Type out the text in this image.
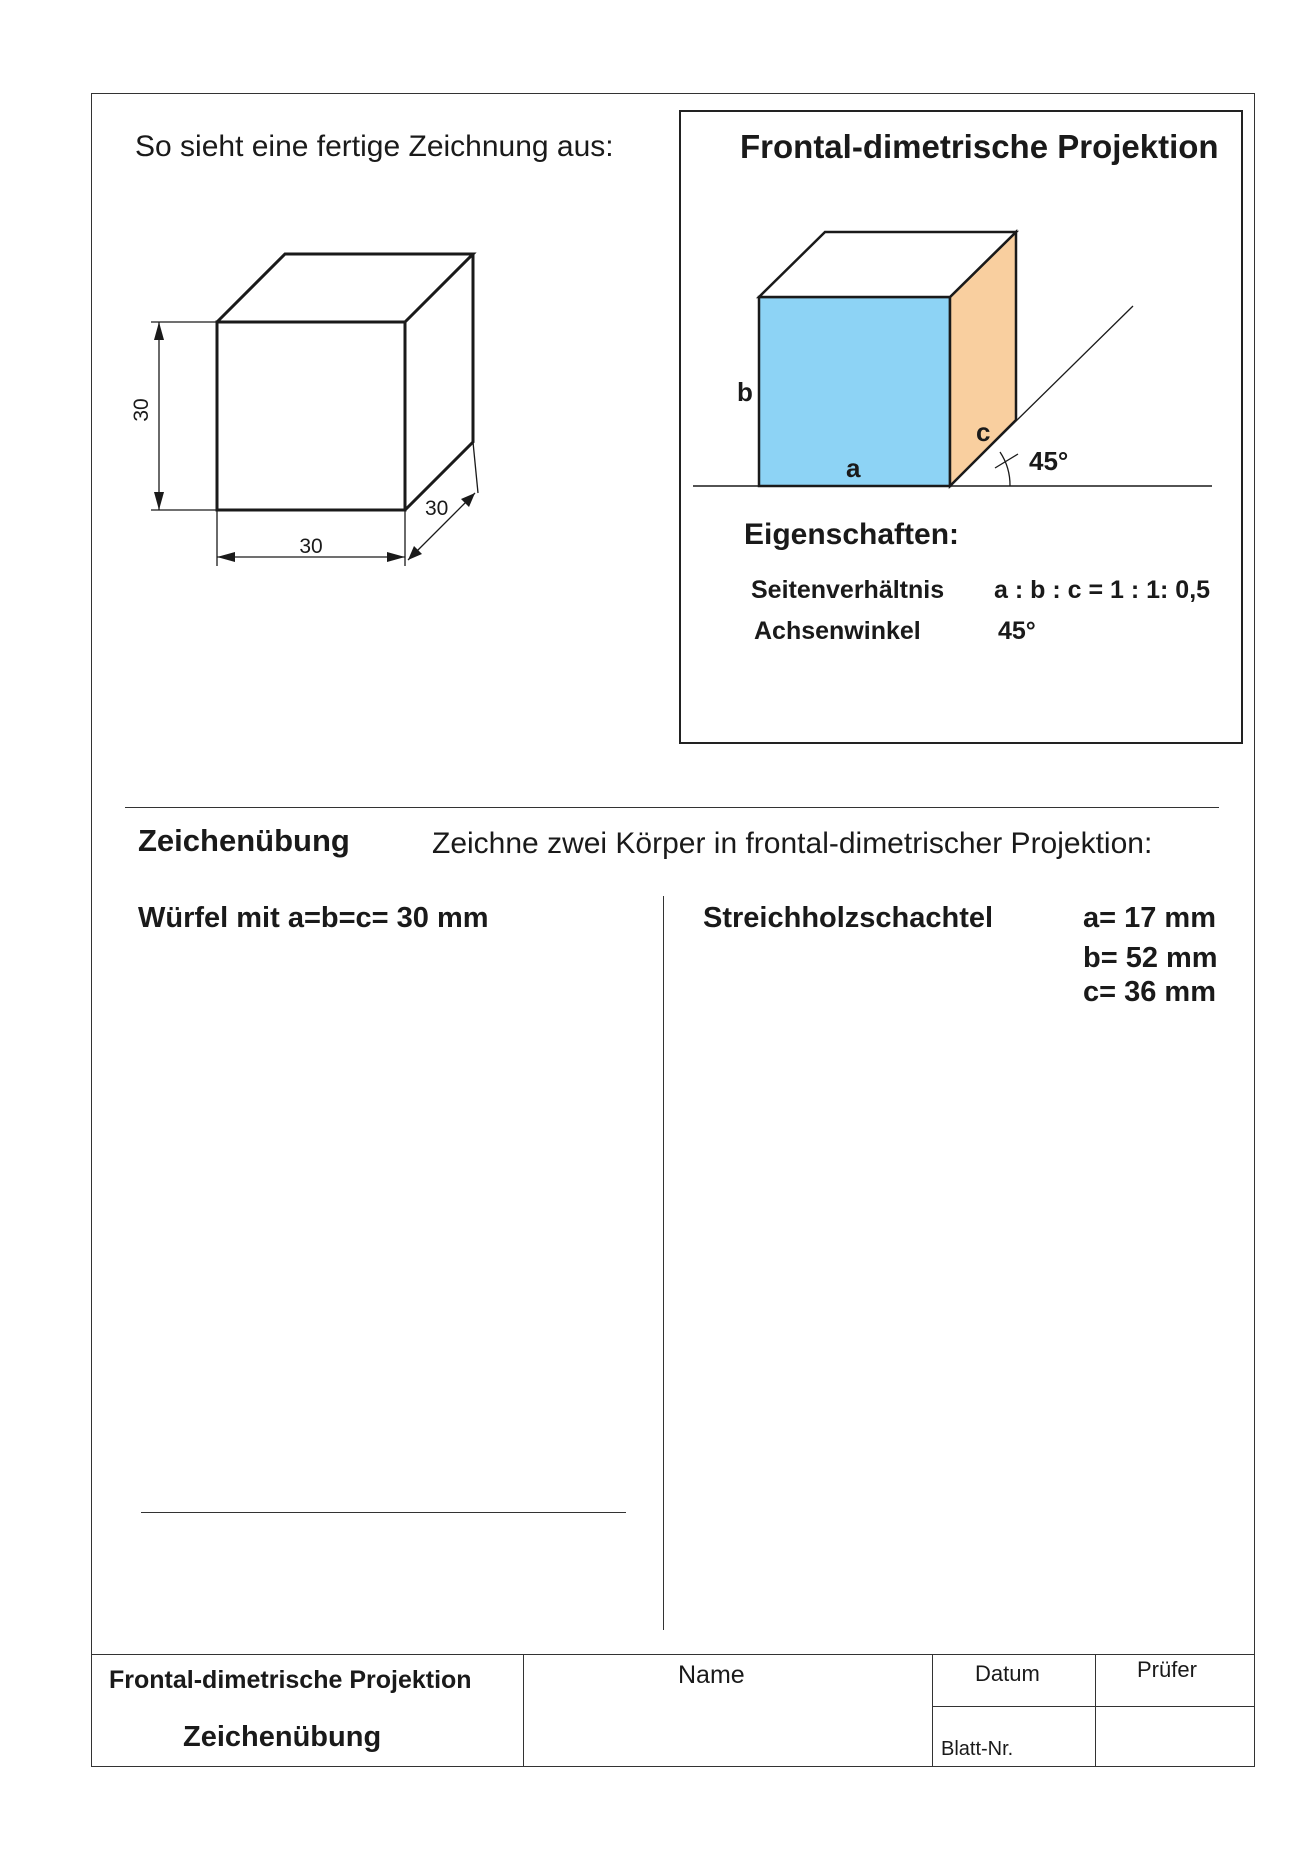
So sieht eine fertige Zeichnung aus:
30
30
30
Frontal-dimetrische Projektion
b
a
c
45°
Eigenschaften:
Seitenverhältnis a : b : c = 1 : 1: 0,5
Achsenwinkel	45°
Zeichenübung	Zeichne zwei Körper in frontal-dimetrischer Projektion:
Würfel mit a=b=c= 30 mm	Streichholzschachtel	a= 17 mm
b= 52 mm
c= 36 mm
Frontal-dimetrische Projektion
Zeichenübung
Name	Datum	Prüfer
Blatt-Nr.
